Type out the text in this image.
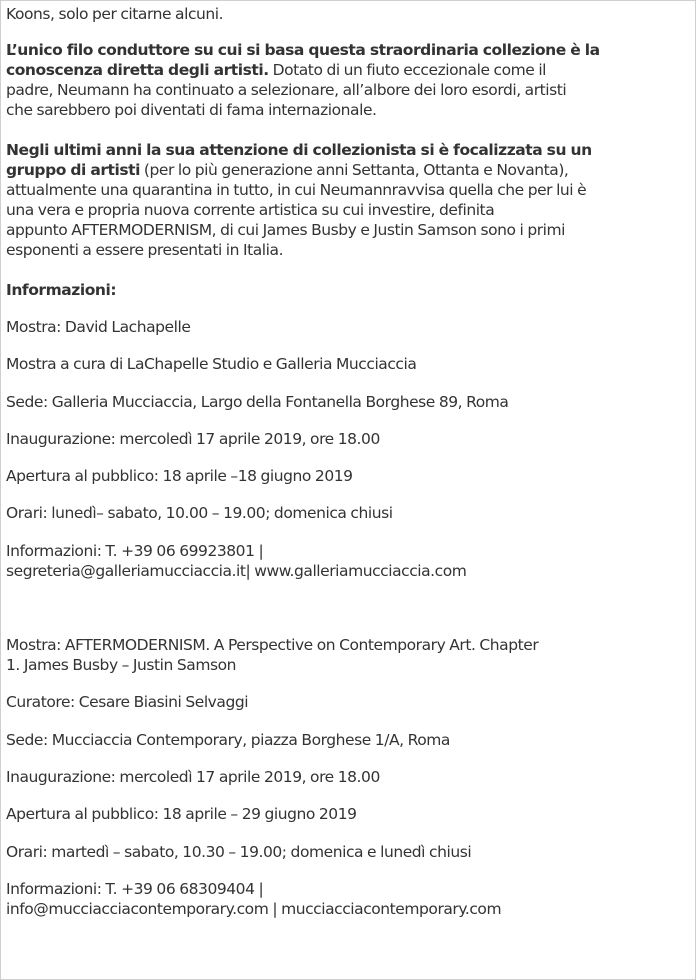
Koons, solo per citarne alcuni.

L’unico filo conduttore su cui si basa questa straordinaria collezione è la
conoscenza diretta degli artisti. Dotato di un fiuto eccezionale come il
padre, Neumann ha continuato a selezionare, all’albore dei loro esordi, artisti
che sarebbero poi diventati di fama internazionale.

Negli ultimi anni la sua attenzione di collezionista si è focalizzata su un
gruppo di artisti (per lo più generazione anni Settanta, Ottanta e Novanta),
attualmente una quarantina in tutto, in cui Neumannravvisa quella che per lui è
una vera e propria nuova corrente artistica su cui investire, definita
appunto AFTERMODERNISM, di cui James Busby e Justin Samson sono i primi
esponenti a essere presentati in Italia.

Informazioni:

Mostra: David Lachapelle

Mostra a cura di LaChapelle Studio e Galleria Mucciaccia

Sede: Galleria Mucciaccia, Largo della Fontanella Borghese 89, Roma

Inaugurazione: mercoledì 17 aprile 2019, ore 18.00

Apertura al pubblico: 18 aprile –18 giugno 2019

Orari: lunedì– sabato, 10.00 – 19.00; domenica chiusi

Informazioni: T. +39 06 69923801 |
segreteria@galleriamucciaccia.it| www.galleriamucciaccia.com

Mostra: AFTERMODERNISM. A Perspective on Contemporary Art. Chapter
1. James Busby – Justin Samson

Curatore: Cesare Biasini Selvaggi

Sede: Mucciaccia Contemporary, piazza Borghese 1/A, Roma

Inaugurazione: mercoledì 17 aprile 2019, ore 18.00

Apertura al pubblico: 18 aprile – 29 giugno 2019

Orari: martedì – sabato, 10.30 – 19.00; domenica e lunedì chiusi

Informazioni: T. +39 06 68309404 |
info@mucciacciacontemporary.com | mucciacciacontemporary.com
